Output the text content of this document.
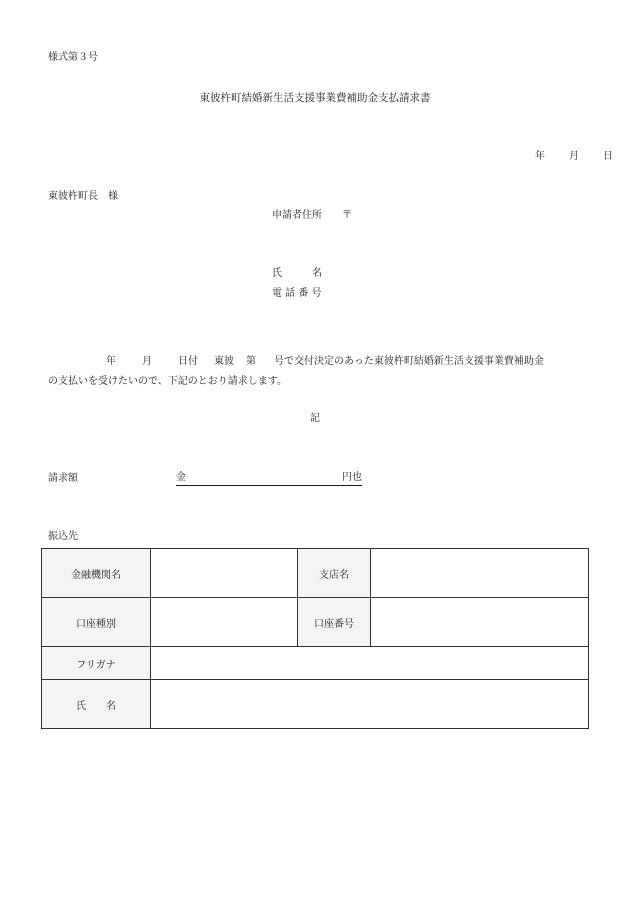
様式第３号
東彼杵町結婚新生活支援事業費補助金支払請求書
年 月 日
東彼杵町長　様
申請者住所 〒
氏　　　名
電 話 番 号
年	月	日付 東彼 第 号で交付決定のあった東彼杵町結婚新生活支援事業費補助金
の支払いを受けたいので、下記のとおり請求します。
記
請求額	金	円也
振込先
金融機関名		支店名	
口座種別		口座番号	
フリガナ			
氏　　名			
